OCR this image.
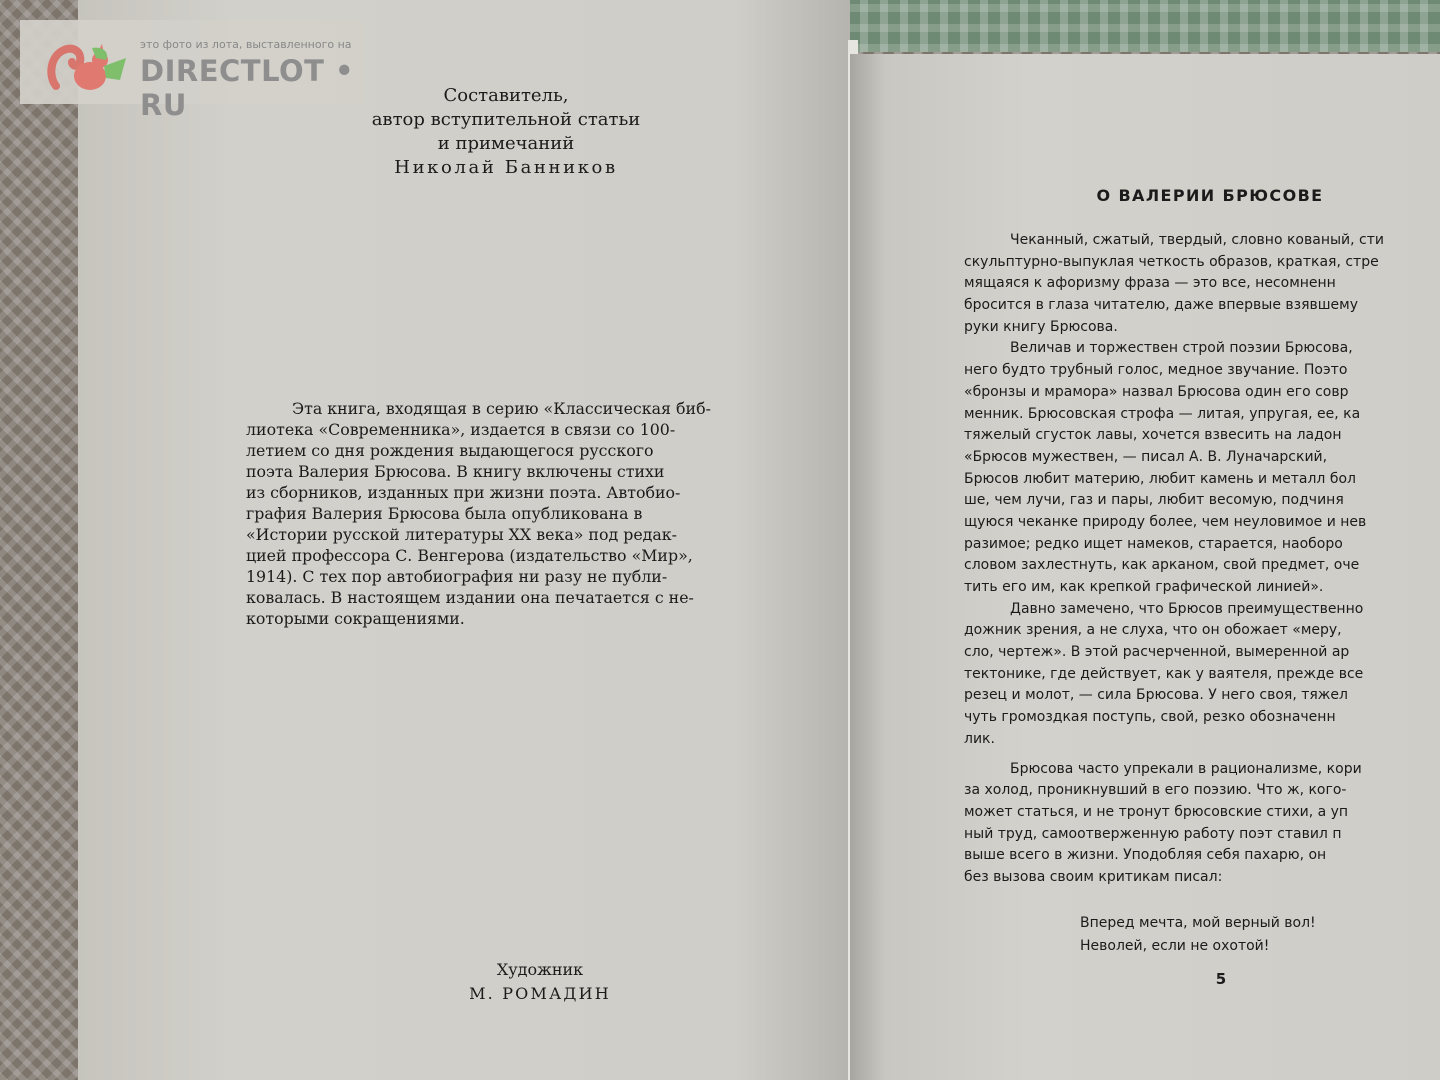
это фото из лота, выставленного на
DIRECTLOT • RU	Составитель,
автор вступительной статьи
и примечаний
Николай Банников
Эта книга, входящая в серию «Классическая биб-
лиотека «Современника», издается в связи со 100-
летием со дня рождения выдающегося русского
поэта Валерия Брюсова. В книгу включены стихи
из сборников, изданных при жизни поэта. Автобио-
графия Валерия Брюсова была опубликована в
«Истории русской литературы XX века» под редак-
цией профессора С. Венгерова (издательство «Мир»,
1914). С тех пор автобиография ни разу не публи-
ковалась. В настоящем издании она печатается с не-
которыми сокращениями.
Художник
М. РОМАДИН
О ВАЛЕРИИ БРЮСОВЕ
Чеканный, сжатый, твердый, словно кованый, сти
скульптурно-выпуклая четкость образов, краткая, стре
мящаяся к афоризму фраза — это все, несомненн
бросится в глаза читателю, даже впервые взявшему
руки книгу Брюсова.
Величав и торжествен строй поэзии Брюсова,
него будто трубный голос, медное звучание. Поэто
«бронзы и мрамора» назвал Брюсова один его совр
менник. Брюсовская строфа — литая, упругая, ее, ка
тяжелый сгусток лавы, хочется взвесить на ладон
«Брюсов мужествен, — писал А. В. Луначарский,
Брюсов любит материю, любит камень и металл бол
ше, чем лучи, газ и пары, любит весомую, подчиня
щуюся чеканке природу более, чем неуловимое и нев
разимое; редко ищет намеков, старается, наоборо
словом захлестнуть, как арканом, свой предмет, оче
тить его им, как крепкой графической линией».
Давно замечено, что Брюсов преимущественно
дожник зрения, а не слуха, что он обожает «меру,
сло, чертеж». В этой расчерченной, вымеренной ар
тектонике, где действует, как у ваятеля, прежде все
резец и молот, — сила Брюсова. У него своя, тяжел
чуть громоздкая поступь, свой, резко обозначенн
лик.
Брюсова часто упрекали в рационализме, кори
за холод, проникнувший в его поэзию. Что ж, кого-
может статься, и не тронут брюсовские стихи, а уп
ный труд, самоотверженную работу поэт ставил п
выше всего в жизни. Уподобляя себя пахарю, он
без вызова своим критикам писал:
Вперед мечта, мой верный вол!
Неволей, если не охотой!
5
